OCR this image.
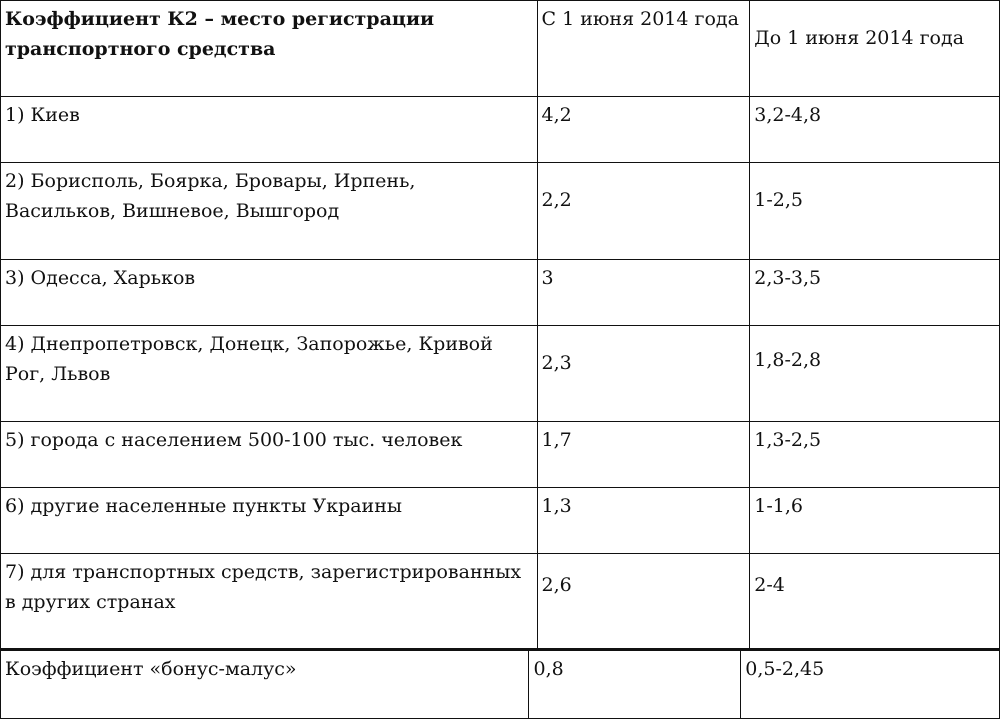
Коэффициент К2 – место регистрации транспортного средства	С 1 июня 2014 года	До 1 июня 2014 года
1) Киев	4,2	3,2-4,8
2) Борисполь, Боярка, Бровары, Ирпень, Васильков, Вишневое, Вышгород	2,2	1-2,5
3) Одесса, Харьков	3	2,3-3,5
4) Днепропетровск, Донецк, Запорожье, Кривой Рог, Львов	2,3	1,8-2,8
5) города с населением 500-100 тыс. человек	1,7	1,3-2,5
6) другие населенные пункты Украины	1,3	1-1,6
7) для транспортных средств, зарегистрированных в других странах	2,6	2-4
Коэффициент «бонус-малус»	0,8	0,5-2,45
